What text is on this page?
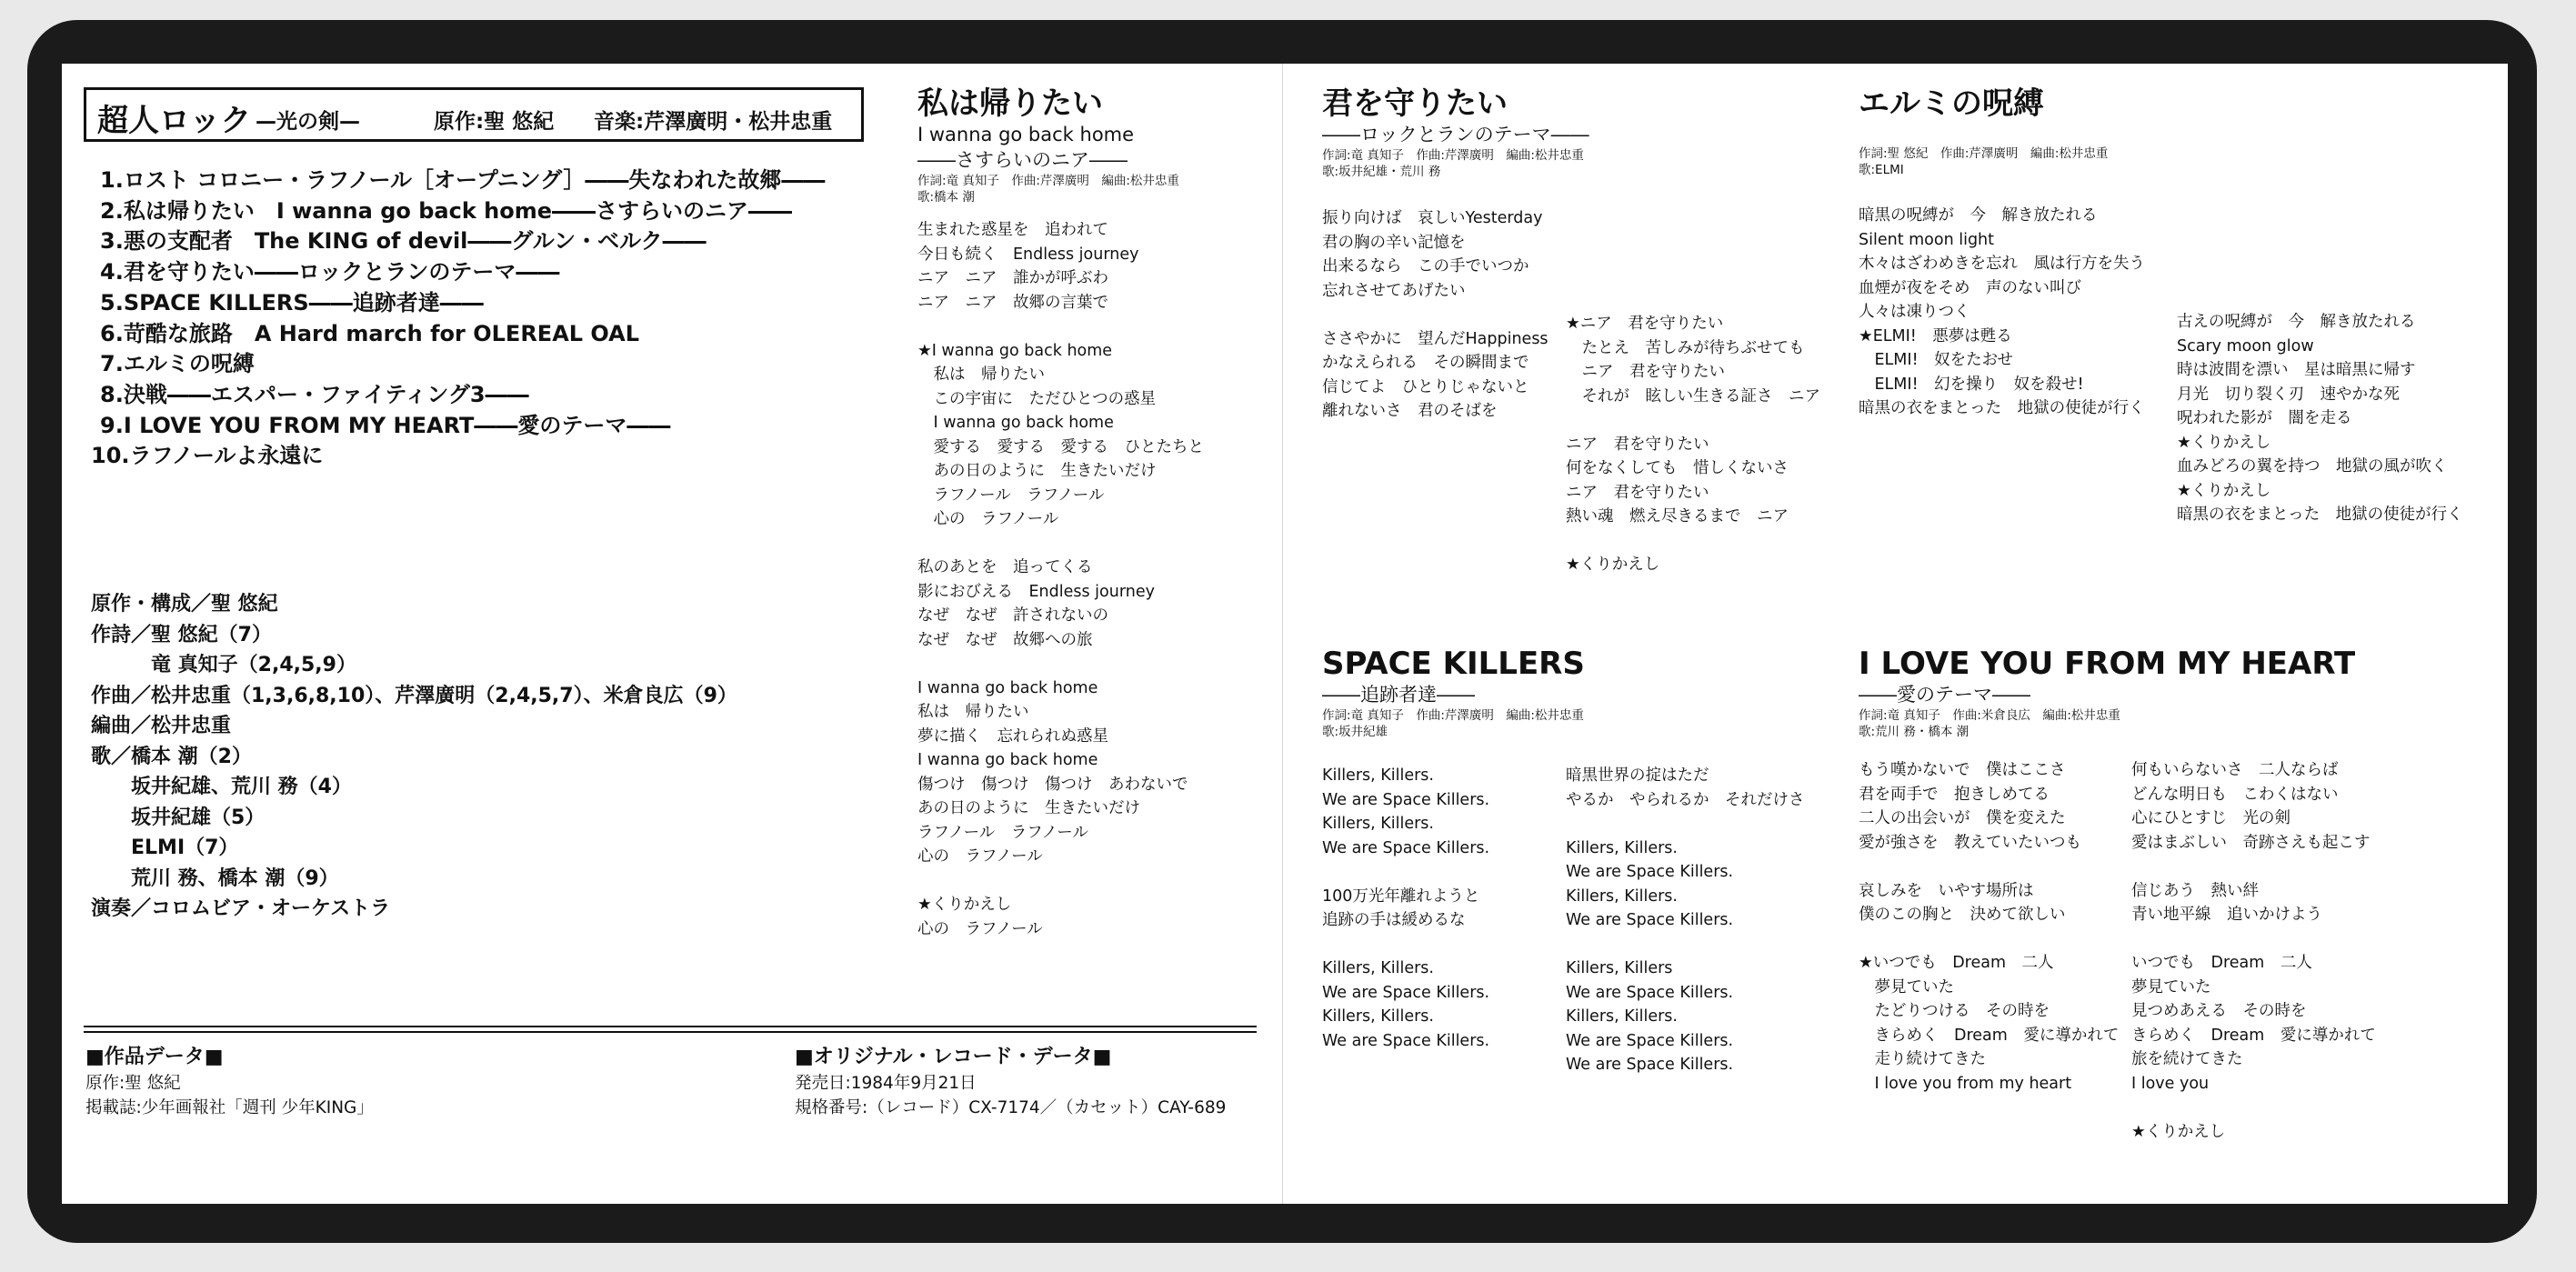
超人ロック —光の剣—	原作:聖 悠紀 音楽:芹澤廣明・松井忠重
1.ロスト コロニー・ラフノール［オープニング］――失なわれた故郷――
2.私は帰りたい　I wanna go back home――さすらいのニア――
3.悪の支配者　The KING of devil――グルン・ベルク――
4.君を守りたい――ロックとランのテーマ――
5.SPACE KILLERS――追跡者達――
6.苛酷な旅路　A Hard march for OLEREAL OAL
7.エルミの呪縛
8.決戦――エスパー・ファイティング3――
9.I LOVE YOU FROM MY HEART――愛のテーマ――
10.ラフノールよ永遠に
原作・構成／聖 悠紀
作詩／聖 悠紀（7）
　　　竜 真知子（2,4,5,9）
作曲／松井忠重（1,3,6,8,10）、芹澤廣明（2,4,5,7）、米倉良広（9）
編曲／松井忠重
歌／橋本 潮（2）
　　坂井紀雄、荒川 務（4）
　　坂井紀雄（5）
　　ELMI（7）
　　荒川 務、橋本 潮（9）
演奏／コロムビア・オーケストラ
■作品データ■
原作:聖 悠紀
掲載誌:少年画報社「週刊 少年KING」
■オリジナル・レコード・データ■
発売日:1984年9月21日
規格番号:（レコード）CX-7174／（カセット）CAY-689
私は帰りたい
I wanna go back home
――さすらいのニア――
作詞:竜 真知子　作曲:芹澤廣明　編曲:松井忠重
歌:橋本 潮
生まれた惑星を　追われて
今日も続く　Endless journey
ニア　ニア　誰かが呼ぶわ
ニア　ニア　故郷の言葉で
★I wanna go back home
　私は　帰りたい
　この宇宙に　ただひとつの惑星
　I wanna go back home
　愛する　愛する　愛する　ひとたちと
　あの日のように　生きたいだけ
　ラフノール　ラフノール
　心の　ラフノール
私のあとを　追ってくる
影におびえる　Endless journey
なぜ　なぜ　許されないの
なぜ　なぜ　故郷への旅
I wanna go back home
私は　帰りたい
夢に描く　忘れられぬ惑星
I wanna go back home
傷つけ　傷つけ　傷つけ　あわないで
あの日のように　生きたいだけ
ラフノール　ラフノール
心の　ラフノール
★くりかえし
心の　ラフノール
君を守りたい
――ロックとランのテーマ――
作詞:竜 真知子　作曲:芹澤廣明　編曲:松井忠重
歌:坂井紀雄・荒川 務
振り向けば　哀しいYesterday
君の胸の辛い記憶を
出来るなら　この手でいつか
忘れさせてあげたい
ささやかに　望んだHappiness
かなえられる　その瞬間まで
信じてよ　ひとりじゃないと
離れないさ　君のそばを
★ニア　君を守りたい
　たとえ　苦しみが待ちぶせても
　ニア　君を守りたい
　それが　眩しい生きる証さ　ニア
ニア　君を守りたい
何をなくしても　惜しくないさ
ニア　君を守りたい
熱い魂　燃え尽きるまで　ニア
★くりかえし
エルミの呪縛
作詞:聖 悠紀　作曲:芹澤廣明　編曲:松井忠重
歌:ELMI
暗黒の呪縛が　今　解き放たれる
Silent moon light
木々はざわめきを忘れ　風は行方を失う
血煙が夜をそめ　声のない叫び
人々は凍りつく
★ELMI!　悪夢は甦る
　ELMI!　奴をたおせ
　ELMI!　幻を操り　奴を殺せ!
暗黒の衣をまとった　地獄の使徒が行く
古えの呪縛が　今　解き放たれる
Scary moon glow
時は波間を漂い　星は暗黒に帰す
月光　切り裂く刃　速やかな死
呪われた影が　闇を走る
★くりかえし
血みどろの翼を持つ　地獄の風が吹く
★くりかえし
暗黒の衣をまとった　地獄の使徒が行く
SPACE KILLERS
――追跡者達――
作詞:竜 真知子　作曲:芹澤廣明　編曲:松井忠重
歌:坂井紀雄
Killers, Killers.
We are Space Killers.
Killers, Killers.
We are Space Killers.
100万光年離れようと
追跡の手は緩めるな
Killers, Killers.
We are Space Killers.
Killers, Killers.
We are Space Killers.
暗黒世界の掟はただ
やるか　やられるか　それだけさ
Killers, Killers.
We are Space Killers.
Killers, Killers.
We are Space Killers.
Killers, Killers
We are Space Killers.
Killers, Killers.
We are Space Killers.
We are Space Killers.
I LOVE YOU FROM MY HEART
――愛のテーマ――
作詞:竜 真知子　作曲:米倉良広　編曲:松井忠重
歌:荒川 務・橋本 潮
もう嘆かないで　僕はここさ
君を両手で　抱きしめてる
二人の出会いが　僕を変えた
愛が強さを　教えていたいつも
哀しみを　いやす場所は
僕のこの胸と　決めて欲しい
★いつでも　Dream　二人
　夢見ていた
　たどりつける　その時を
　きらめく　Dream　愛に導かれて
　走り続けてきた
　I love you from my heart
何もいらないさ　二人ならば
どんな明日も　こわくはない
心にひとすじ　光の剣
愛はまぶしい　奇跡さえも起こす
信じあう　熱い絆
青い地平線　追いかけよう
いつでも　Dream　二人
夢見ていた
見つめあえる　その時を
きらめく　Dream　愛に導かれて
旅を続けてきた
I love you
★くりかえし
